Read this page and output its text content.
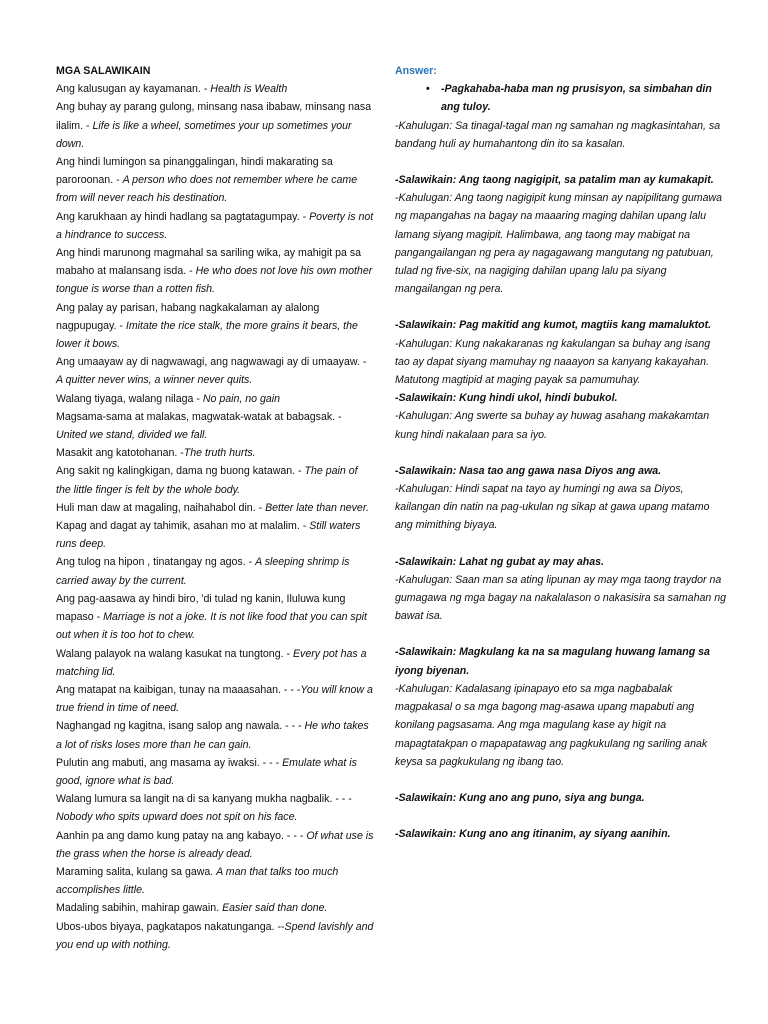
MGA SALAWIKAIN

Ang kalusugan ay kayamanan. - Health is Wealth

Ang buhay ay parang gulong, minsang nasa ibabaw, minsang nasa ilalim. - Life is like a wheel, sometimes your up sometimes your down.

Ang hindi lumingon sa pinanggalingan, hindi makarating sa paroroonan. - A person who does not remember where he came from will never reach his destination.

Ang karukhaan ay hindi hadlang sa pagtatagumpay. - Poverty is not a hindrance to success.

Ang hindi marunong magmahal sa sariling wika, ay mahigit pa sa mabaho at malansang isda. - He who does not love his own mother tongue is worse than a rotten fish.

Ang palay ay parisan, habang nagkakalaman ay alalong nagpupugay. - Imitate the rice stalk, the more grains it bears, the lower it bows.

Ang umaayaw ay di nagwawagi, ang nagwawagi ay di umaayaw. - A quitter never wins, a winner never quits.

Walang tiyaga, walang nilaga - No pain, no gain

Magsama-sama at malakas, magwatak-watak at babagsak. - United we stand, divided we fall.

Masakit ang katotohanan. -The truth hurts.

Ang sakit ng kalingkigan, dama ng buong katawan. - The pain of the little finger is felt by the whole body.

Huli man daw at magaling, naihahabol din. - Better late than never.

Kapag and dagat ay tahimik, asahan mo at malalim. - Still waters runs deep.

Ang tulog na hipon , tinatangay ng agos. - A sleeping shrimp is carried away by the current.

Ang pag-aasawa ay hindi biro, 'di tulad ng kanin, Iluluwa kung mapaso - Marriage is not a joke. It is not like food that you can spit out when it is too hot to chew.

Walang palayok na walang kasukat na tungtong. - Every pot has a matching lid.

Ang matapat na kaibigan, tunay na maaasahan. - - -You will know a true friend in time of need.

Naghangad ng kagitna, isang salop ang nawala. - - - He who takes a lot of risks loses more than he can gain.

Pulutin ang mabuti, ang masama ay iwaksi. - - - Emulate what is good, ignore what is bad.

Walang lumura sa langit na di sa kanyang mukha nagbalik. - - - Nobody who spits upward does not spit on his face.

Aanhin pa ang damo kung patay na ang kabayo. - - - Of what use is the grass when the horse is already dead.

Maraming salita, kulang sa gawa. A man that talks too much accomplishes little.

Madaling sabihin, mahirap gawain. Easier said than done.

Ubos-ubos biyaya, pagkatapos nakatunganga. --Spend lavishly and you end up with nothing.

Answer:

• -Pagkahaba-haba man ng prusisyon, sa simbahan din ang tuloy.

-Kahulugan: Sa tinagal-tagal man ng samahan ng magkasintahan, sa bandang huli ay humahantong din ito sa kasalan.

-Salawikain: Ang taong nagigipit, sa patalim man ay kumakapit.

-Kahulugan: Ang taong nagigipit kung minsan ay napipilitang gumawa ng mapangahas na bagay na maaaring maging dahilan upang lalu lamang siyang magipit. Halimbawa, ang taong may mabigat na pangangailangan ng pera ay nagagawang mangutang ng patubuan, tulad ng five-six, na nagiging dahilan upang lalu pa siyang mangailangan ng pera.

-Salawikain: Pag makitid ang kumot, magtiis kang mamaluktot.

-Kahulugan: Kung nakakaranas ng kakulangan sa buhay ang isang tao ay dapat siyang mamuhay ng naaayon sa kanyang kakayahan. Matutong magtipid at maging payak sa pamumuhay.

-Salawikain: Kung hindi ukol, hindi bubukol.

-Kahulugan: Ang swerte sa buhay ay huwag asahang makakamtan kung hindi nakalaan para sa iyo.

-Salawikain: Nasa tao ang gawa nasa Diyos ang awa.

-Kahulugan: Hindi sapat na tayo ay humingi ng awa sa Diyos, kailangan din natin na pag-ukulan ng sikap at gawa upang matamo ang mimithing biyaya.

-Salawikain: Lahat ng gubat ay may ahas.

-Kahulugan: Saan man sa ating lipunan ay may mga taong traydor na gumagawa ng mga bagay na nakalalason o nakasisira sa samahan ng bawat isa.

-Salawikain: Magkulang ka na sa magulang huwang lamang sa iyong biyenan.

-Kahulugan: Kadalasang ipinapayo eto sa mga nagbabalak magpakasal o sa mga bagong mag-asawa upang mapabuti ang konilang pagsasama. Ang mga magulang kase ay higit na mapagtatakpan o mapapatawag ang pagkukulang ng sariling anak keysa sa pagkukulang ng ibang tao.

-Salawikain: Kung ano ang puno, siya ang bunga.

-Salawikain: Kung ano ang itinanim, ay siyang aanihin.
